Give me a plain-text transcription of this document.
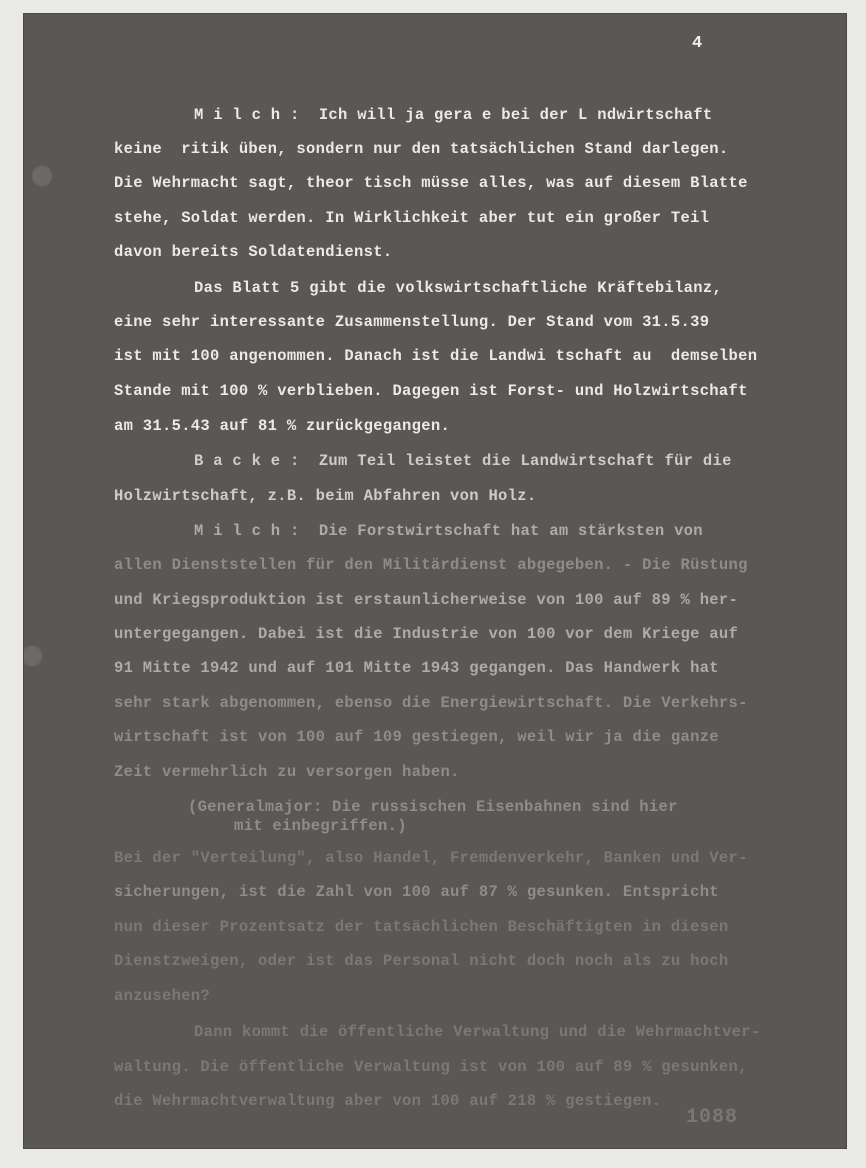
4
M i l c h :  Ich will ja gera e bei der L ndwirtschaft
keine  ritik üben, sondern nur den tatsächlichen Stand darlegen.
Die Wehrmacht sagt, theor tisch müsse alles, was auf diesem Blatte
stehe, Soldat werden. In Wirklichkeit aber tut ein großer Teil
davon bereits Soldatendienst.
Das Blatt 5 gibt die volkswirtschaftliche Kräftebilanz,
eine sehr interessante Zusammenstellung. Der Stand vom 31.5.39
ist mit 100 angenommen. Danach ist die Landwi tschaft au  demselben
Stande mit 100 % verblieben. Dagegen ist Forst- und Holzwirtschaft
am 31.5.43 auf 81 % zurückgegangen.
B a c k e :  Zum Teil leistet die Landwirtschaft für die
Holzwirtschaft, z.B. beim Abfahren von Holz.
M i l c h :  Die Forstwirtschaft hat am stärksten von
allen Dienststellen für den Militärdienst abgegeben. - Die Rüstung
und Kriegsproduktion ist erstaunlicherweise von 100 auf 89 % her-
untergegangen. Dabei ist die Industrie von 100 vor dem Kriege auf
91 Mitte 1942 und auf 101 Mitte 1943 gegangen. Das Handwerk hat
sehr stark abgenommen, ebenso die Energiewirtschaft. Die Verkehrs-
wirtschaft ist von 100 auf 109 gestiegen, weil wir ja die ganze
Zeit vermehrlich zu versorgen haben.
(Generalmajor: Die russischen Eisenbahnen sind hier
mit einbegriffen.)
Bei der "Verteilung", also Handel, Fremdenverkehr, Banken und Ver-
sicherungen, ist die Zahl von 100 auf 87 % gesunken. Entspricht
nun dieser Prozentsatz der tatsächlichen Beschäftigten in diesen
Dienstzweigen, oder ist das Personal nicht doch noch als zu hoch
anzusehen?
Dann kommt die öffentliche Verwaltung und die Wehrmachtver-
waltung. Die öffentliche Verwaltung ist von 100 auf 89 % gesunken,
die Wehrmachtverwaltung aber von 100 auf 218 % gestiegen.
1088
